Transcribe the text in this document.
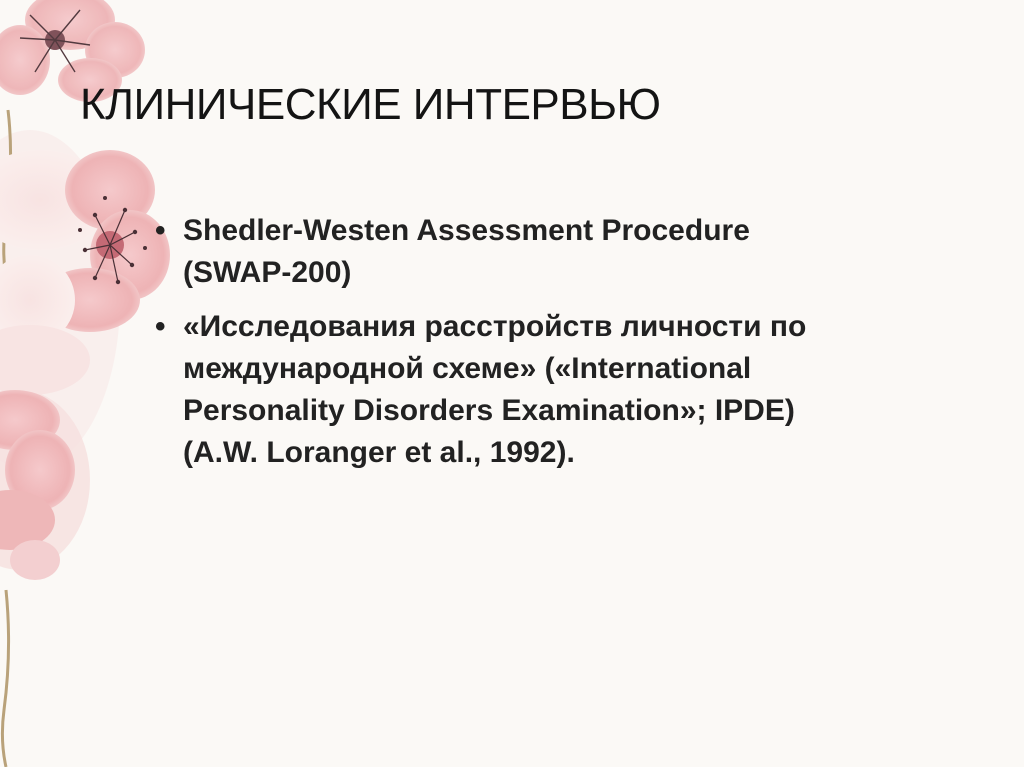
КЛИНИЧЕСКИЕ ИНТЕРВЬЮ
• Shedler-Westen Assessment Procedure
(SWAP-200)
• «Исследования расстройств личности по
международной схеме» («International
Personality Disorders Examination»; IPDE)
(A.W. Loranger et al., 1992).
